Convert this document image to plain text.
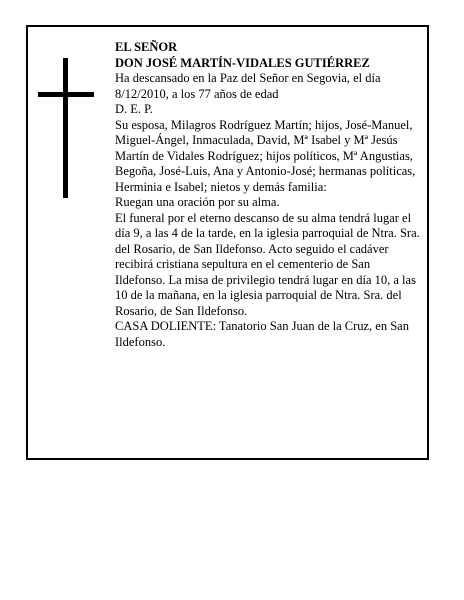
EL SEÑOR

DON JOSÉ MARTÍN-VIDALES GUTIÉRREZ

Ha descansado en la Paz del Señor en Segovia, el día 8/12/2010, a los 77 años de edad

D. E. P.

Su esposa, Milagros Rodríguez Martín; hijos, José-Manuel, Miguel-Ángel, Inmaculada, David, Mª Isabel y Mª Jesús Martín de Vidales Rodríguez; hijos políticos, Mª Angustias, Begoña, José-Luis, Ana y Antonio-José; hermanas políticas, Herminia e Isabel; nietos y demás familia:

Ruegan una oración por su alma.

El funeral por el eterno descanso de su alma tendrá lugar el día 9, a las 4 de la tarde, en la iglesia parroquial de Ntra. Sra. del Rosario, de San Ildefonso. Acto seguido el cadáver recibirá cristiana sepultura en el cementerio de San Ildefonso. La misa de privilegio tendrá lugar en día 10, a las 10 de la mañana, en la iglesia parroquial de Ntra. Sra. del Rosario, de San Ildefonso.

CASA DOLIENTE: Tanatorio San Juan de la Cruz, en San Ildefonso.
